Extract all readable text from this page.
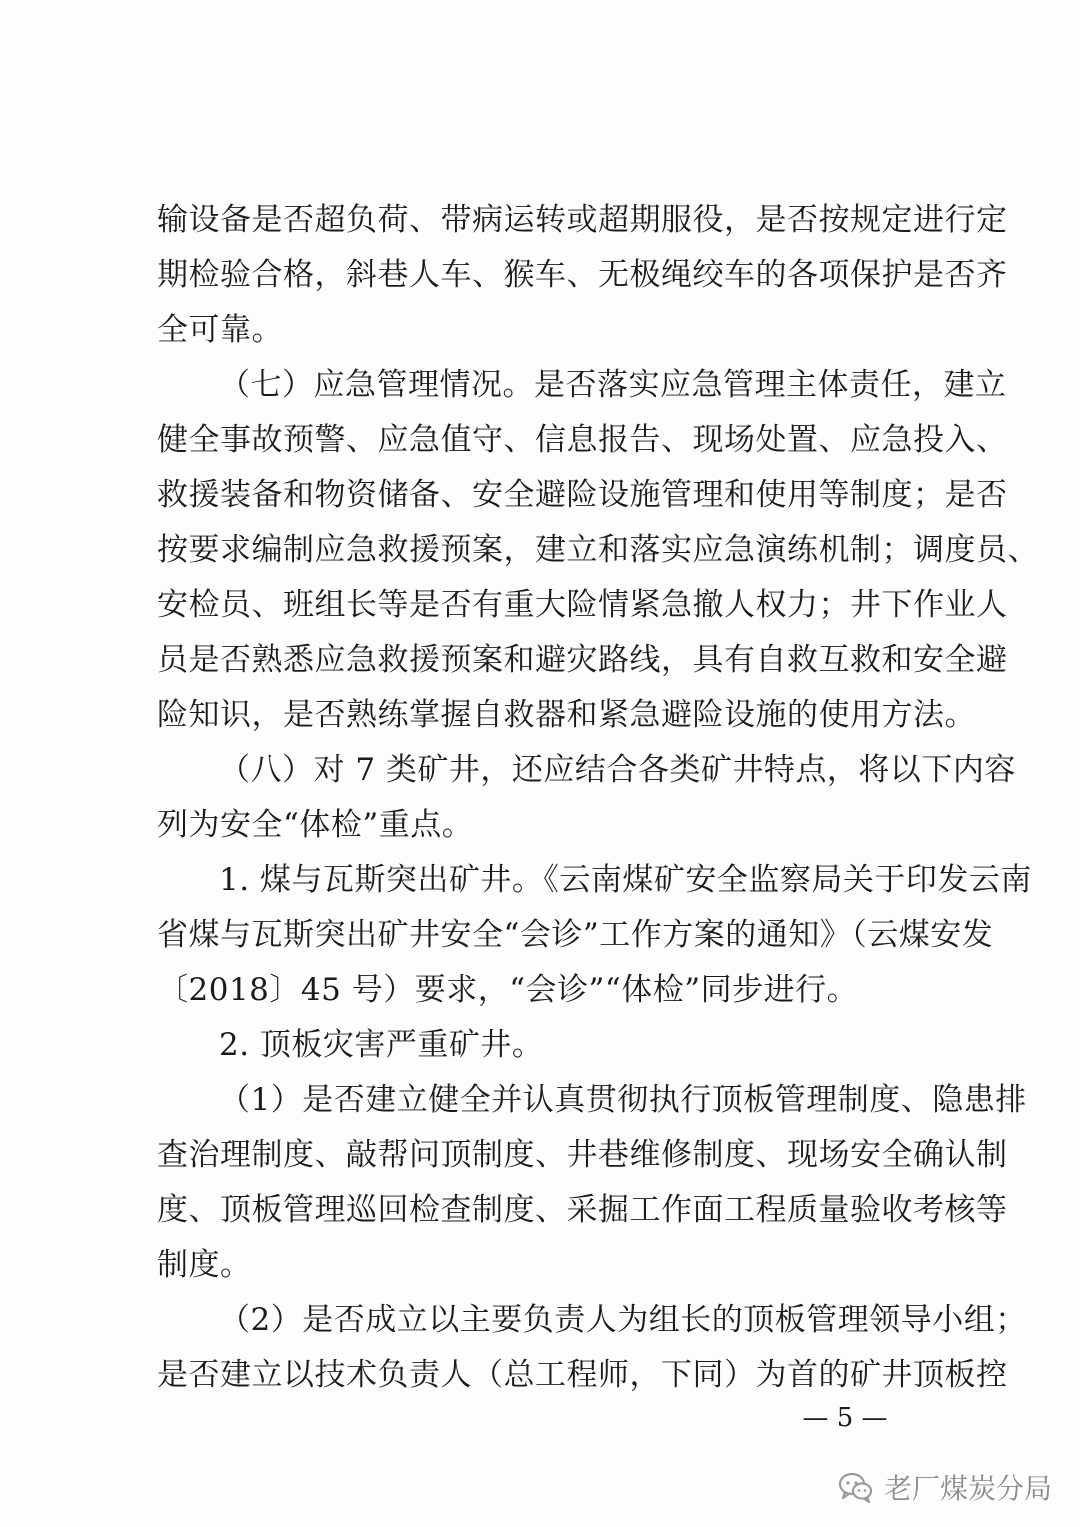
输设备是否超负荷、带病运转或超期服役，是否按规定进行定
期检验合格，斜巷人车、猴车、无极绳绞车的各项保护是否齐
全可靠。
（七）应急管理情况。是否落实应急管理主体责任，建立
健全事故预警、应急值守、信息报告、现场处置、应急投入、
救援装备和物资储备、安全避险设施管理和使用等制度；是否
按要求编制应急救援预案，建立和落实应急演练机制；调度员、
安检员、班组长等是否有重大险情紧急撤人权力；井下作业人
员是否熟悉应急救援预案和避灾路线，具有自救互救和安全避
险知识，是否熟练掌握自救器和紧急避险设施的使用方法。
（八）对 7 类矿井，还应结合各类矿井特点，将以下内容
列为安全“体检”重点。
1. 煤与瓦斯突出矿井。《云南煤矿安全监察局关于印发云南
省煤与瓦斯突出矿井安全“会诊”工作方案的通知》（云煤安发
〔2018〕45 号）要求，“会诊”“体检”同步进行。
2. 顶板灾害严重矿井。
（1）是否建立健全并认真贯彻执行顶板管理制度、隐患排
查治理制度、敲帮问顶制度、井巷维修制度、现场安全确认制
度、顶板管理巡回检查制度、采掘工作面工程质量验收考核等
制度。
（2）是否成立以主要负责人为组长的顶板管理领导小组；
是否建立以技术负责人（总工程师，下同）为首的矿井顶板控
— 5 —
老厂煤炭分局
